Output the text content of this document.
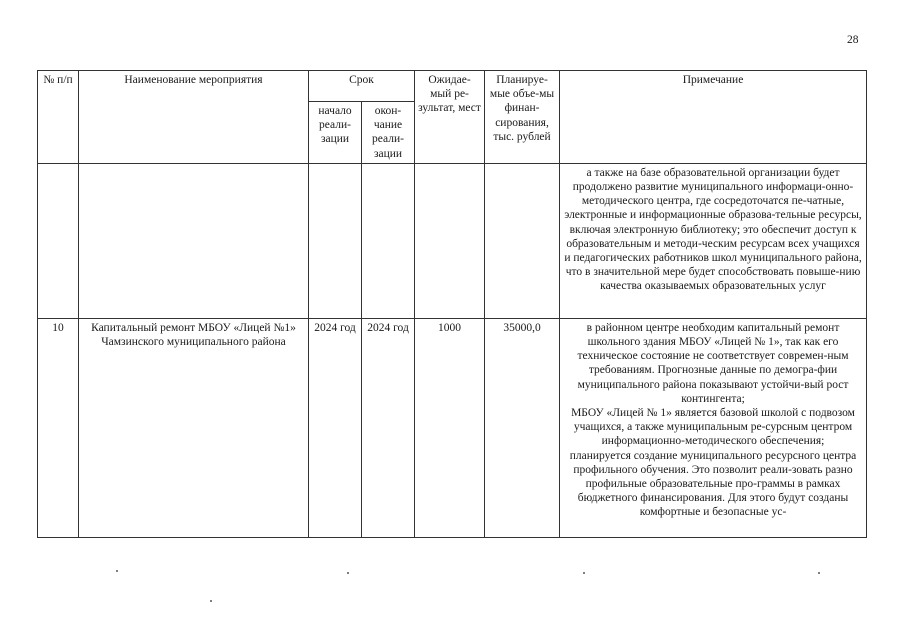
28
№ п/п	Наименование мероприятия	Срок		Ожидае-мый ре-зультат, мест	Планируе-мые объе-мы финан-сирования, тыс. рублей	Примечание
		начало реали-зации	окон-чание реали-зации			

						а также на базе образовательной организации будет продолжено развитие муниципального информаци-онно-методического центра, где сосредоточатся пе-чатные, электронные и информационные образова-тельные ресурсы, включая электронную библиотеку; это обеспечит доступ к образовательным и методи-ческим ресурсам всех учащихся и педагогических работников школ муниципального района, что в значительной мере будет способствовать повыше-нию качества оказываемых образовательных услуг

10	Капитальный ремонт МБОУ «Лицей №1» Чамзинского муниципального района	2024 год	2024 год	1000	35000,0	в районном центре необходим капитальный ремонт школьного здания МБОУ «Лицей № 1», так как его техническое состояние не соответствует современ-ным требованиям. Прогнозные данные по демогра-фии муниципального района показывают устойчи-вый рост контингента;
МБОУ «Лицей № 1» является базовой школой с подвозом учащихся, а также муниципальным ре-сурсным центром информационно-методического обеспечения;
планируется создание муниципального ресурсного центра профильного обучения. Это позволит реали-зовать разно профильные образовательные про-граммы в рамках бюджетного финансирования. Для этого будут созданы комфортные и безопасные ус-
